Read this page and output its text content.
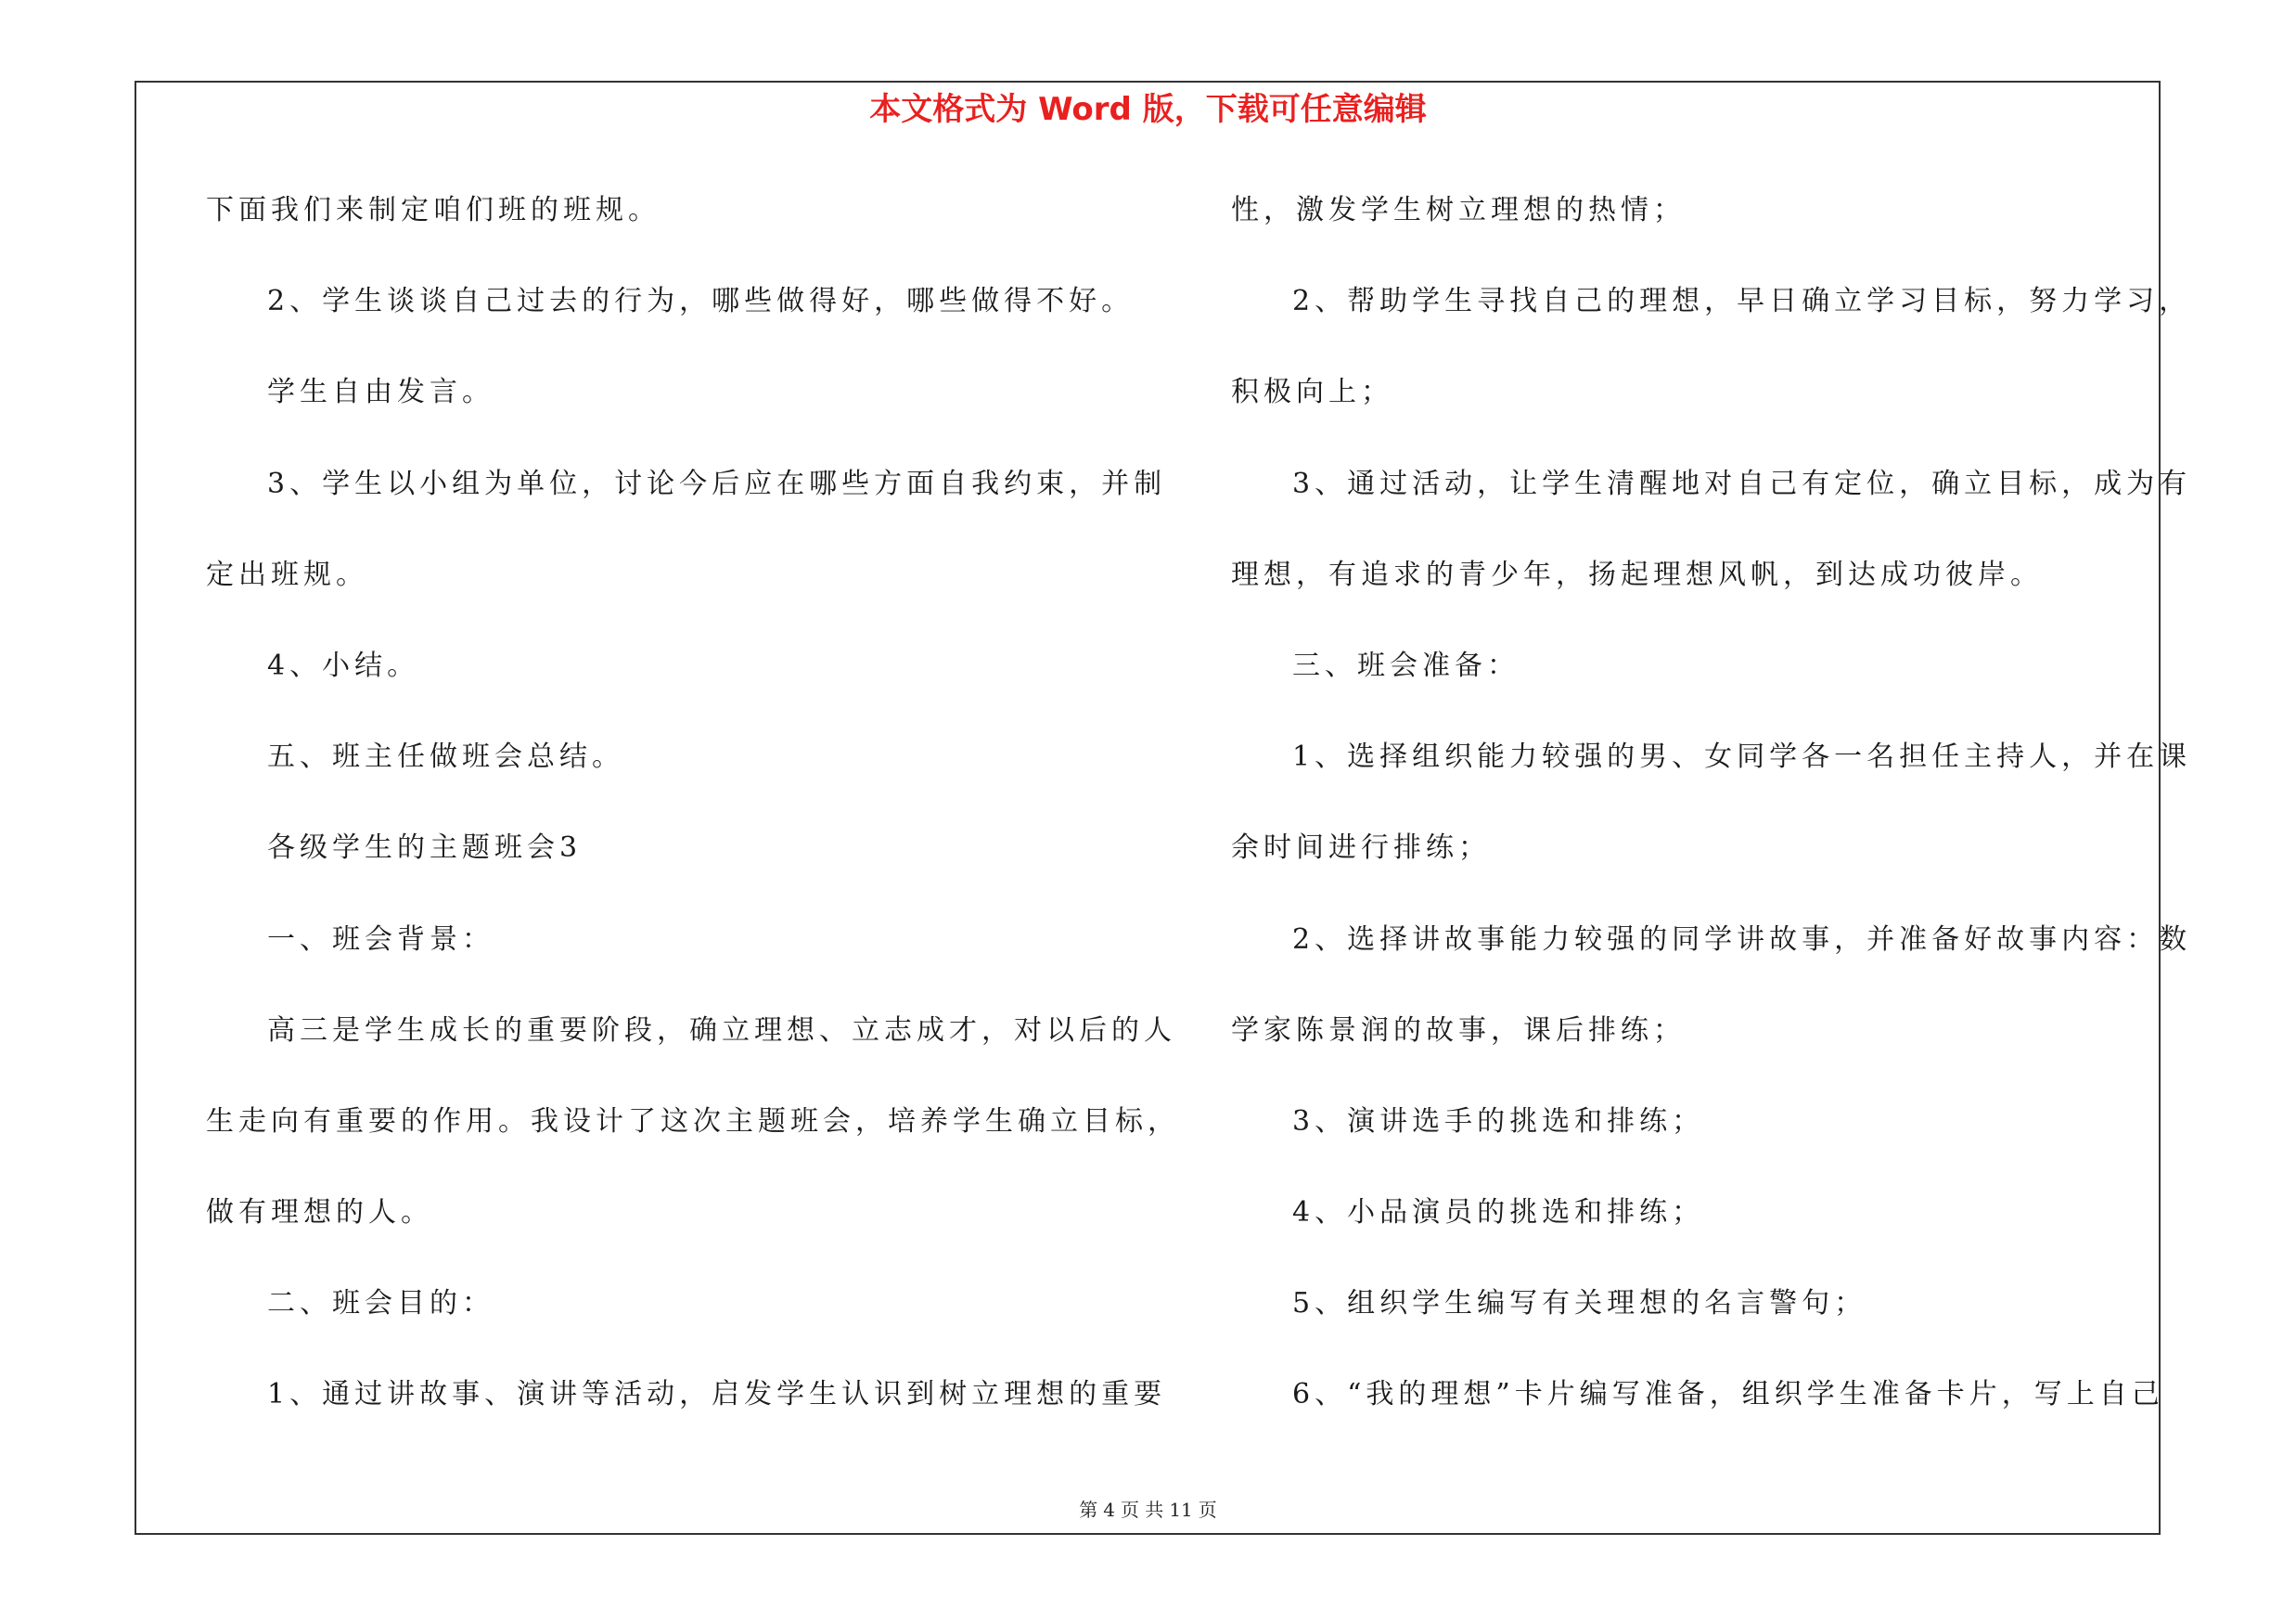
本文格式为 Word 版，下载可任意编辑
下面我们来制定咱们班的班规。
2、学生谈谈自己过去的行为，哪些做得好，哪些做得不好。
学生自由发言。
3、学生以小组为单位，讨论今后应在哪些方面自我约束，并制
定出班规。
4、小结。
五、班主任做班会总结。
各级学生的主题班会3
一、班会背景：
高三是学生成长的重要阶段，确立理想、立志成才，对以后的人
生走向有重要的作用。我设计了这次主题班会，培养学生确立目标，
做有理想的人。
二、班会目的：
1、通过讲故事、演讲等活动，启发学生认识到树立理想的重要
性，激发学生树立理想的热情；
2、帮助学生寻找自己的理想，早日确立学习目标，努力学习，
积极向上；
3、通过活动，让学生清醒地对自己有定位，确立目标，成为有
理想，有追求的青少年，扬起理想风帆，到达成功彼岸。
三、班会准备：
1、选择组织能力较强的男、女同学各一名担任主持人，并在课
余时间进行排练；
2、选择讲故事能力较强的同学讲故事，并准备好故事内容：数
学家陈景润的故事，课后排练；
3、演讲选手的挑选和排练；
4、小品演员的挑选和排练；
5、组织学生编写有关理想的名言警句；
6、“我的理想”卡片编写准备，组织学生准备卡片，写上自己
第 4 页 共 11 页
